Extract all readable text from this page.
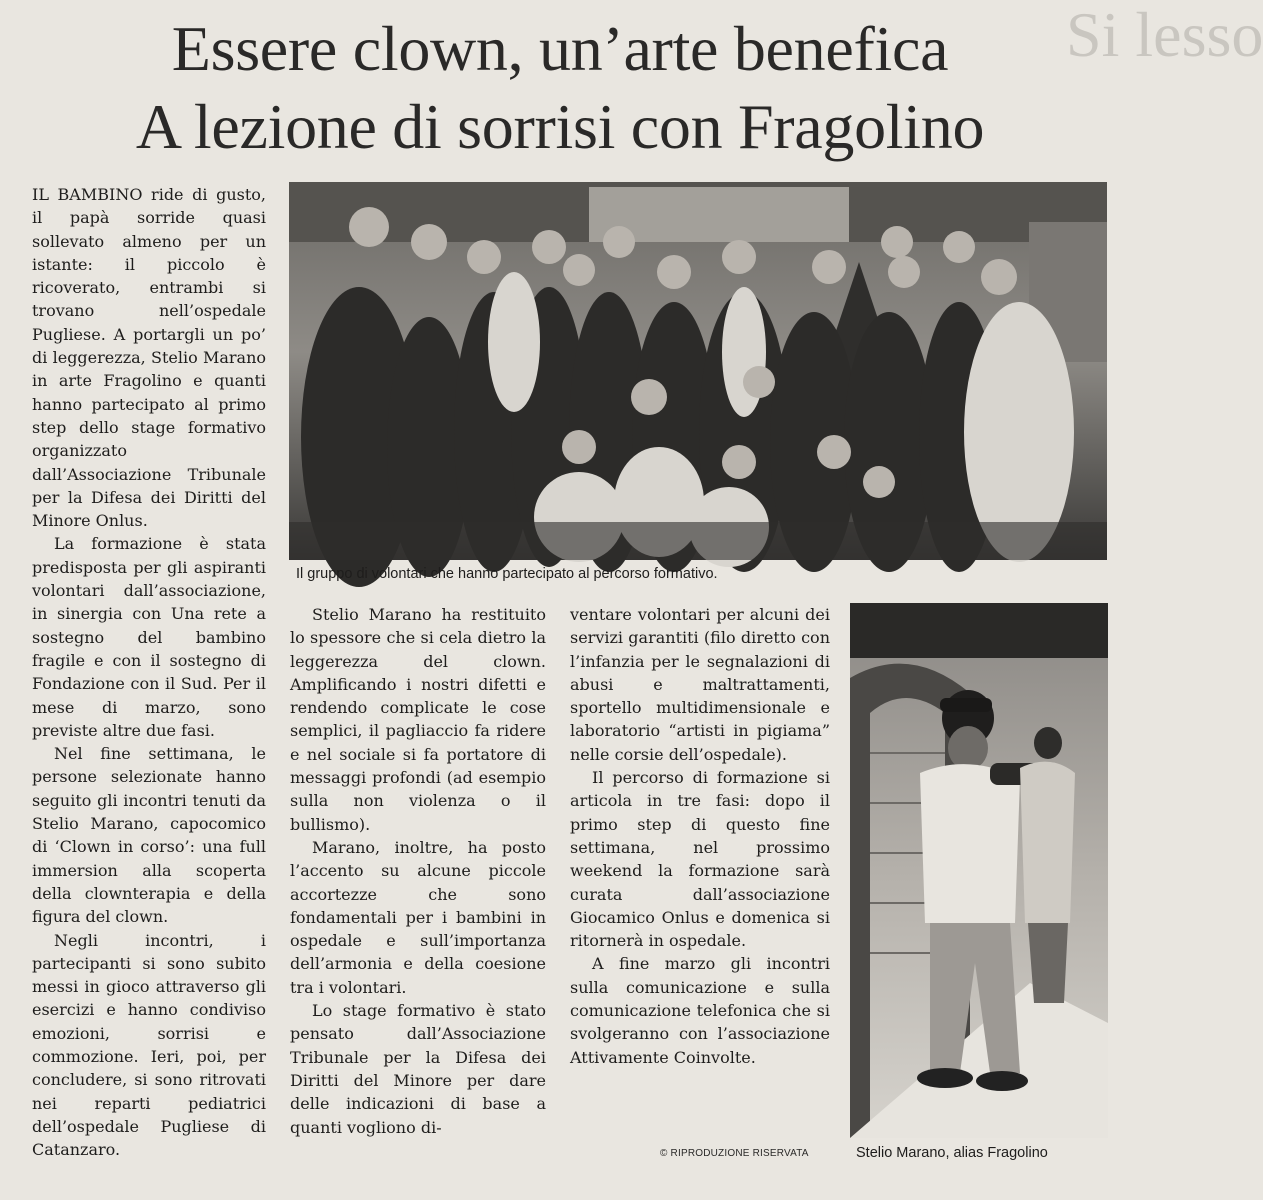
Si lesso
Essere clown, un’arte benefica
A lezione di sorrisi con Fragolino

IL BAMBINO ride di gusto, il papà sorride quasi sollevato almeno per un istante: il piccolo è ricoverato, entrambi si trovano nell’ospedale Pugliese. A portargli un po’ di leggerezza, Stelio Marano in arte Fragolino e quanti hanno partecipato al primo step dello stage formativo organizzato dall’Associazione Tribunale per la Difesa dei Diritti del Minore Onlus.

La formazione è stata predisposta per gli aspiranti volontari dall’associazione, in sinergia con Una rete a sostegno del bambino fragile e con il sostegno di Fondazione con il Sud. Per il mese di marzo, sono previste altre due fasi.

Nel fine settimana, le persone selezionate hanno seguito gli incontri tenuti da Stelio Marano, capocomico di ‘Clown in corso’: una full immersion alla scoperta della clownterapia e della figura del clown.

Negli incontri, i partecipanti si sono subito messi in gioco attraverso gli esercizi e hanno condiviso emozioni, sorrisi e commozione. Ieri, poi, per concludere, si sono ritrovati nei reparti pediatrici dell’ospedale Pugliese di Catanzaro.

Il gruppo di volontari che hanno partecipato al percorso formativo.

Stelio Marano ha restituito lo spessore che si cela dietro la leggerezza del clown. Amplificando i nostri difetti e rendendo complicate le cose semplici, il pagliaccio fa ridere e nel sociale si fa portatore di messaggi profondi (ad esempio sulla non violenza o il bullismo).

Marano, inoltre, ha posto l’accento su alcune piccole accortezze che sono fondamentali per i bambini in ospedale e sull’importanza dell’armonia e della coesione tra i volontari.

Lo stage formativo è stato pensato dall’Associazione Tribunale per la Difesa dei Diritti del Minore per dare delle indicazioni di base a quanti vogliono di-

ventare volontari per alcuni dei servizi garantiti (filo diretto con l’infanzia per le segnalazioni di abusi e maltrattamenti, sportello multidimensionale e laboratorio “artisti in pigiama” nelle corsie dell’ospedale).

Il percorso di formazione si articola in tre fasi: dopo il primo step di questo fine settimana, nel prossimo weekend la formazione sarà curata dall’associazione Giocamico Onlus e domenica si ritornerà in ospedale.

A fine marzo gli incontri sulla comunicazione e sulla comunicazione telefonica che si svolgeranno con l’associazione Attivamente Coinvolte.

© RIPRODUZIONE RISERVATA	Stelio Marano, alias Fragolino
